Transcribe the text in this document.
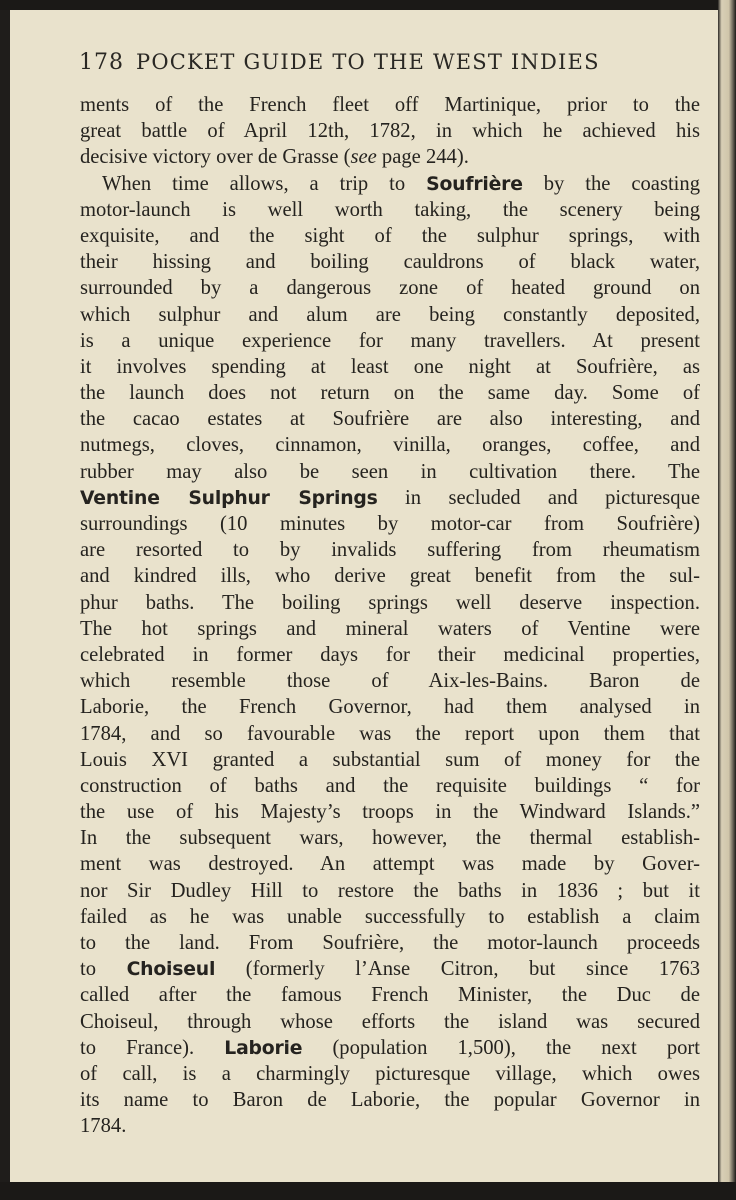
178 POCKET GUIDE TO THE WEST INDIES
ments of the French fleet off Martinique, prior to the
great battle of April 12th, 1782, in which he achieved his
decisive victory over de Grasse (see page 244).
When time allows, a trip to Soufrière by the coasting
motor-launch is well worth taking, the scenery being
exquisite, and the sight of the sulphur springs, with
their hissing and boiling cauldrons of black water,
surrounded by a dangerous zone of heated ground on
which sulphur and alum are being constantly deposited,
is a unique experience for many travellers. At present
it involves spending at least one night at Soufrière, as
the launch does not return on the same day. Some of
the cacao estates at Soufrière are also interesting, and
nutmegs, cloves, cinnamon, vinilla, oranges, coffee, and
rubber may also be seen in cultivation there. The
Ventine Sulphur Springs in secluded and picturesque
surroundings (10 minutes by motor-car from Soufrière)
are resorted to by invalids suffering from rheumatism
and kindred ills, who derive great benefit from the sul-
phur baths. The boiling springs well deserve inspection.
The hot springs and mineral waters of Ventine were
celebrated in former days for their medicinal properties,
which resemble those of Aix-les-Bains. Baron de
Laborie, the French Governor, had them analysed in
1784, and so favourable was the report upon them that
Louis XVI granted a substantial sum of money for the
construction of baths and the requisite buildings “ for
the use of his Majesty’s troops in the Windward Islands.”
In the subsequent wars, however, the thermal establish-
ment was destroyed. An attempt was made by Gover-
nor Sir Dudley Hill to restore the baths in 1836 ; but it
failed as he was unable successfully to establish a claim
to the land. From Soufrière, the motor-launch proceeds
to Choiseul (formerly l’Anse Citron, but since 1763
called after the famous French Minister, the Duc de
Choiseul, through whose efforts the island was secured
to France). Laborie (population 1,500), the next port
of call, is a charmingly picturesque village, which owes
its name to Baron de Laborie, the popular Governor in
1784.
